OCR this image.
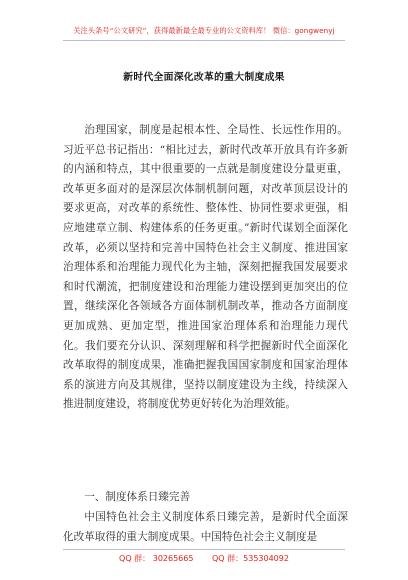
关注头条号“公文研究”，获得最新最全最专业的公文资料库！ 微信：gongwenyj
新时代全面深化改革的重大制度成果

治理国家，制度是起根本性、全局性、长远性作用的。习近平总书记指出：“相比过去，新时代改革开放具有许多新的内涵和特点，其中很重要的一点就是制度建设分量更重，改革更多面对的是深层次体制机制问题，对改革顶层设计的要求更高，对改革的系统性、整体性、协同性要求更强，相应地建章立制、构建体系的任务更重。”新时代谋划全面深化改革，必须以坚持和完善中国特色社会主义制度、推进国家治理体系和治理能力现代化为主轴，深刻把握我国发展要求和时代潮流，把制度建设和治理能力建设摆到更加突出的位置，继续深化各领域各方面体制机制改革，推动各方面制度更加成熟、更加定型，推进国家治理体系和治理能力现代化。我们要充分认识、深刻理解和科学把握新时代全面深化改革取得的制度成果，准确把握我国国家制度和国家治理体系的演进方向及其规律，坚持以制度建设为主线，持续深入推进制度建设，将制度优势更好转化为治理效能。

一、制度体系日臻完善
中国特色社会主义制度体系日臻完善，是新时代全面深化改革取得的重大制度成果。中国特色社会主义制度是
QQ 群： 30265665 QQ 群：535304092
